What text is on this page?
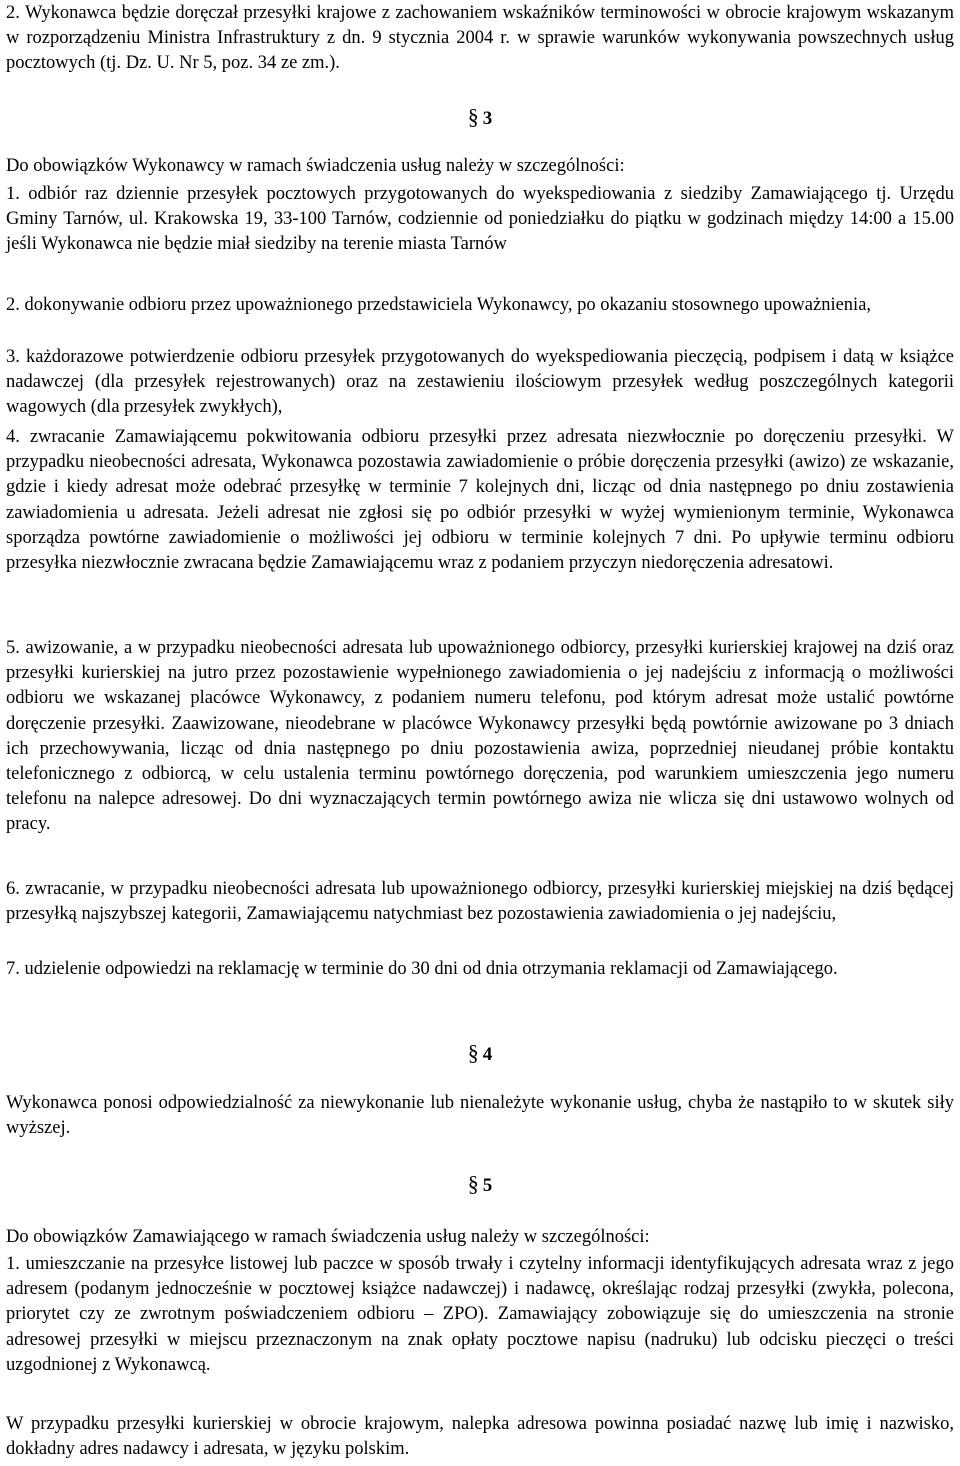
2. Wykonawca będzie doręczał przesyłki krajowe z zachowaniem wskaźników terminowości w obrocie krajowym wskazanym w rozporządzeniu Ministra Infrastruktury z dn. 9 stycznia 2004 r. w sprawie warunków wykonywania powszechnych usług pocztowych (tj. Dz. U. Nr 5, poz. 34 ze zm.).

§ 3

Do obowiązków Wykonawcy w ramach świadczenia usług należy w szczególności:

1. odbiór raz dziennie przesyłek pocztowych przygotowanych do wyekspediowania z siedziby Zamawiającego tj. Urzędu Gminy Tarnów, ul. Krakowska 19, 33-100 Tarnów, codziennie od poniedziałku do piątku w godzinach między 14:00 a 15.00 jeśli Wykonawca nie będzie miał siedziby na terenie miasta Tarnów

2. dokonywanie odbioru przez upoważnionego przedstawiciela Wykonawcy, po okazaniu stosownego upoważnienia,

3. każdorazowe potwierdzenie odbioru przesyłek przygotowanych do wyekspediowania pieczęcią, podpisem i datą w książce nadawczej (dla przesyłek rejestrowanych) oraz na zestawieniu ilościowym przesyłek według poszczególnych kategorii wagowych (dla przesyłek zwykłych),

4. zwracanie Zamawiającemu pokwitowania odbioru przesyłki przez adresata niezwłocznie po doręczeniu przesyłki. W przypadku nieobecności adresata, Wykonawca pozostawia zawiadomienie o próbie doręczenia przesyłki (awizo) ze wskazanie, gdzie i kiedy adresat może odebrać przesyłkę w terminie 7 kolejnych dni, licząc od dnia następnego po dniu zostawienia zawiadomienia u adresata. Jeżeli adresat nie zgłosi się po odbiór przesyłki w wyżej wymienionym terminie, Wykonawca sporządza powtórne zawiadomienie o możliwości jej odbioru w terminie kolejnych 7 dni. Po upływie terminu odbioru przesyłka niezwłocznie zwracana będzie Zamawiającemu wraz z podaniem przyczyn niedoręczenia adresatowi.

5. awizowanie, a w przypadku nieobecności adresata lub upoważnionego odbiorcy, przesyłki kurierskiej krajowej na dziś oraz przesyłki kurierskiej na jutro przez pozostawienie wypełnionego zawiadomienia o jej nadejściu z informacją o możliwości odbioru we wskazanej placówce Wykonawcy, z podaniem numeru telefonu, pod którym adresat może ustalić powtórne doręczenie przesyłki. Zaawizowane, nieodebrane w placówce Wykonawcy przesyłki będą powtórnie awizowane po 3 dniach ich przechowywania, licząc od dnia następnego po dniu pozostawienia awiza, poprzedniej nieudanej próbie kontaktu telefonicznego z odbiorcą, w celu ustalenia terminu powtórnego doręczenia, pod warunkiem umieszczenia jego numeru telefonu na nalepce adresowej. Do dni wyznaczających termin powtórnego awiza nie wlicza się dni ustawowo wolnych od pracy.

6. zwracanie, w przypadku nieobecności adresata lub upoważnionego odbiorcy, przesyłki kurierskiej miejskiej na dziś będącej przesyłką najszybszej kategorii, Zamawiającemu natychmiast bez pozostawienia zawiadomienia o jej nadejściu,

7. udzielenie odpowiedzi na reklamację w terminie do 30 dni od dnia otrzymania reklamacji od Zamawiającego.

§ 4

Wykonawca ponosi odpowiedzialność za niewykonanie lub nienależyte wykonanie usług, chyba że nastąpiło to w skutek siły wyższej.

§ 5

Do obowiązków Zamawiającego w ramach świadczenia usług należy w szczególności:

1. umieszczanie na przesyłce listowej lub paczce w sposób trwały i czytelny informacji identyfikujących adresata wraz z jego adresem (podanym jednocześnie w pocztowej książce nadawczej) i nadawcę, określając rodzaj przesyłki (zwykła, polecona, priorytet czy ze zwrotnym poświadczeniem odbioru – ZPO). Zamawiający zobowiązuje się do umieszczenia na stronie adresowej przesyłki w miejscu przeznaczonym na znak opłaty pocztowe napisu (nadruku) lub odcisku pieczęci o treści uzgodnionej z Wykonawcą.

W przypadku przesyłki kurierskiej w obrocie krajowym, nalepka adresowa powinna posiadać nazwę lub imię i nazwisko, dokładny adres nadawcy i adresata, w języku polskim.
